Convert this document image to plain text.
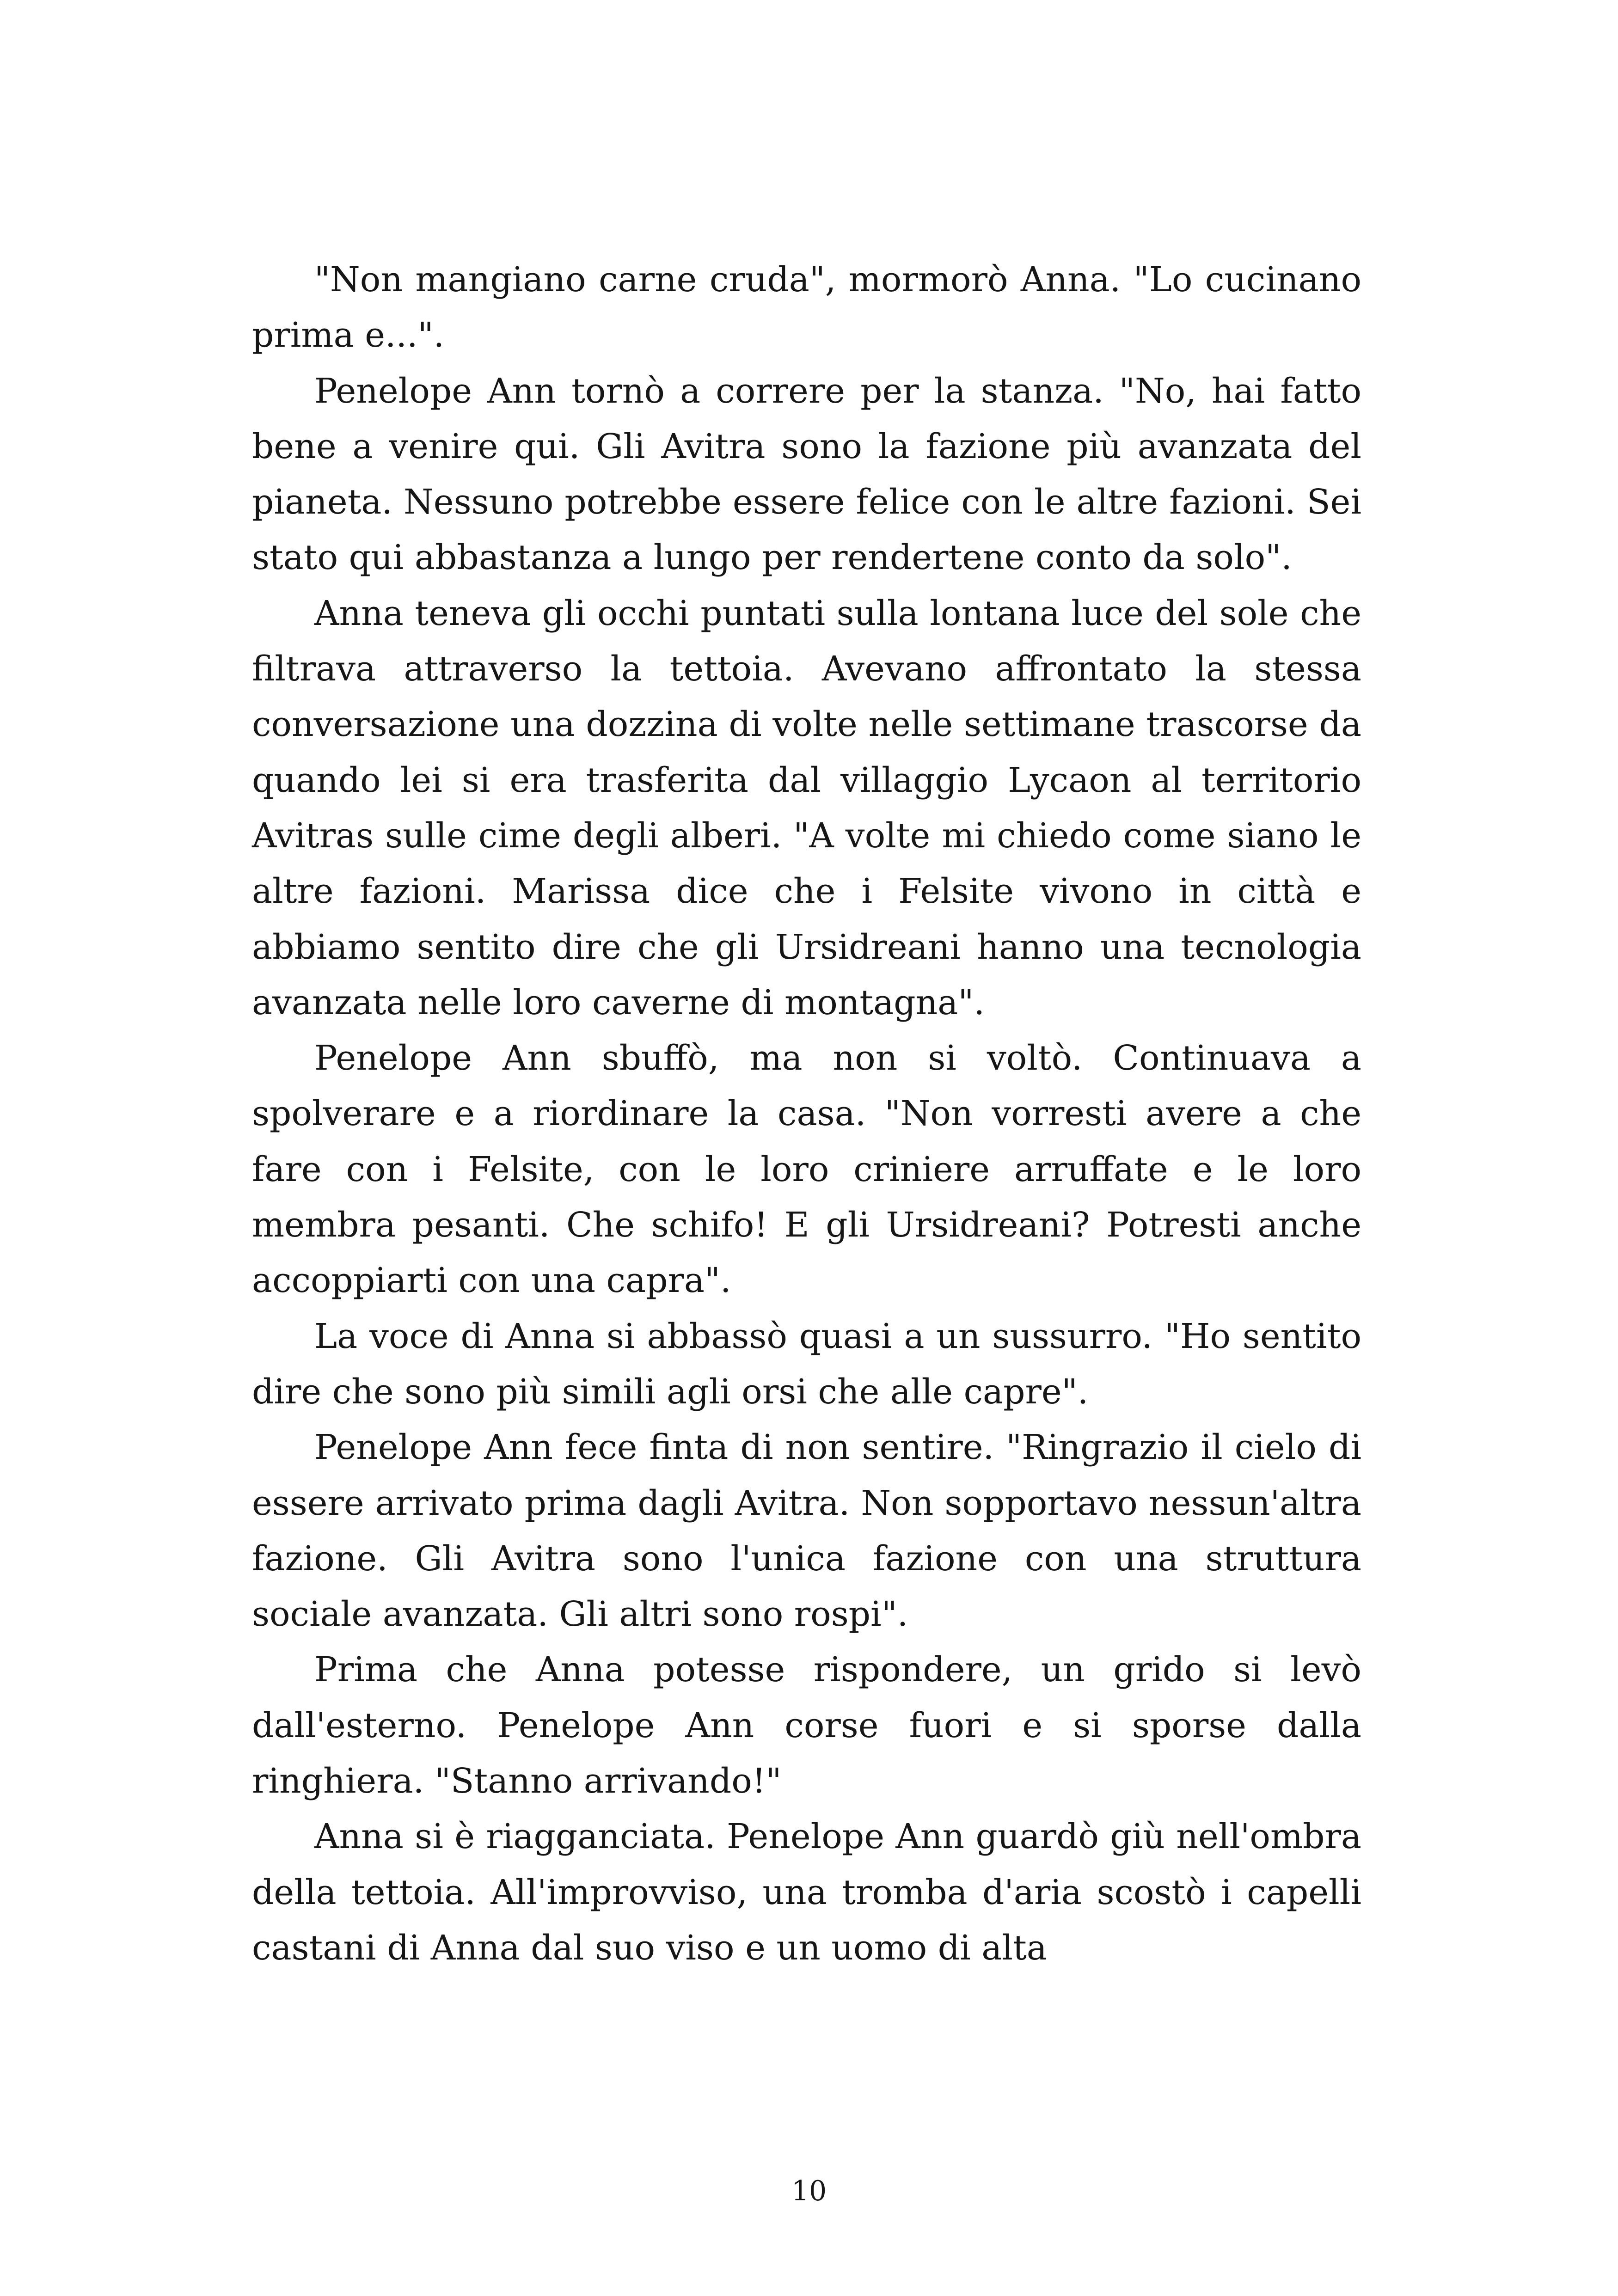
"Non mangiano carne cruda", mormorò Anna. "Lo cucinano prima e...".

Penelope Ann tornò a correre per la stanza. "No, hai fatto bene a venire qui. Gli Avitra sono la fazione più avanzata del pianeta. Nessuno potrebbe essere felice con le altre fazioni. Sei stato qui abbastanza a lungo per rendertene conto da solo".

Anna teneva gli occhi puntati sulla lontana luce del sole che filtrava attraverso la tettoia. Avevano affrontato la stessa conversazione una dozzina di volte nelle settimane trascorse da quando lei si era trasferita dal villaggio Lycaon al territorio Avitras sulle cime degli alberi. "A volte mi chiedo come siano le altre fazioni. Marissa dice che i Felsite vivono in città e abbiamo sentito dire che gli Ursidreani hanno una tecnologia avanzata nelle loro caverne di montagna".

Penelope Ann sbuffò, ma non si voltò. Continuava a spolverare e a riordinare la casa. "Non vorresti avere a che fare con i Felsite, con le loro criniere arruffate e le loro membra pesanti. Che schifo! E gli Ursidreani? Potresti anche accoppiarti con una capra".

La voce di Anna si abbassò quasi a un sussurro. "Ho sentito dire che sono più simili agli orsi che alle capre".

Penelope Ann fece finta di non sentire. "Ringrazio il cielo di essere arrivato prima dagli Avitra. Non sopportavo nessun'altra fazione. Gli Avitra sono l'unica fazione con una struttura sociale avanzata. Gli altri sono rospi".

Prima che Anna potesse rispondere, un grido si levò dall'esterno. Penelope Ann corse fuori e si sporse dalla ringhiera. "Stanno arrivando!"

Anna si è riagganciata. Penelope Ann guardò giù nell'ombra della tettoia. All'improvviso, una tromba d'aria scostò i capelli castani di Anna dal suo viso e un uomo di alta

10
